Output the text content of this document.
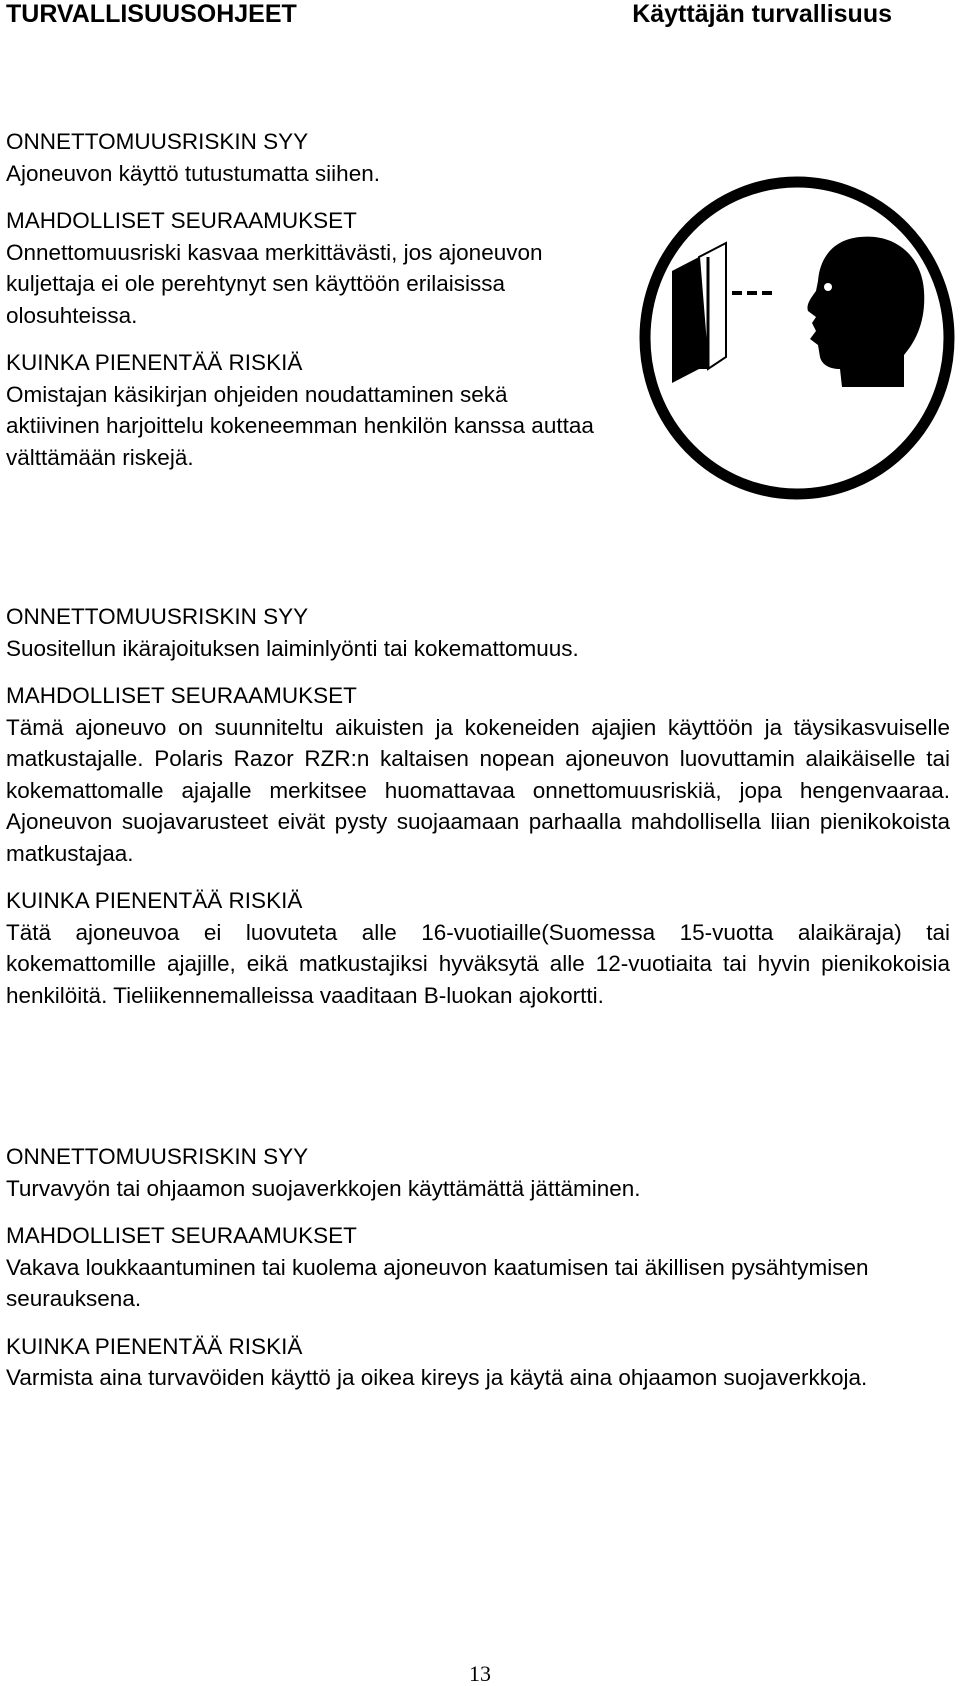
TURVALLISUUSOHJEET	Käyttäjän turvallisuus

ONNETTOMUUSRISKIN SYY

Ajoneuvon käyttö tutustumatta siihen.

MAHDOLLISET SEURAAMUKSET

Onnettomuusriski kasvaa merkittävästi, jos ajoneuvon kuljettaja ei ole perehtynyt sen käyttöön erilaisissa olosuhteissa.

KUINKA PIENENTÄÄ RISKIÄ

Omistajan käsikirjan ohjeiden noudattaminen sekä aktiivinen harjoittelu kokeneemman henkilön kanssa auttaa välttämään riskejä.

ONNETTOMUUSRISKIN SYY

Suositellun ikärajoituksen laiminlyönti tai kokemattomuus.

MAHDOLLISET SEURAAMUKSET

Tämä ajoneuvo on suunniteltu aikuisten ja kokeneiden ajajien käyttöön ja täysikasvuiselle matkustajalle. Polaris Razor RZR:n kaltaisen nopean ajoneuvon luovuttamin alaikäiselle tai kokemattomalle ajajalle merkitsee huomattavaa onnettomuusriskiä, jopa hengenvaaraa. Ajoneuvon suojavarusteet eivät pysty suojaamaan parhaalla mahdollisella liian pienikokoista matkustajaa.

KUINKA PIENENTÄÄ RISKIÄ

Tätä ajoneuvoa ei luovuteta alle 16-vuotiaille(Suomessa 15-vuotta alaikäraja) tai kokemattomille ajajille, eikä matkustajiksi hyväksytä alle 12-vuotiaita tai hyvin pienikokoisia henkilöitä. Tieliikennemalleissa vaaditaan B-luokan ajokortti.

ONNETTOMUUSRISKIN SYY

Turvavyön tai ohjaamon suojaverkkojen käyttämättä jättäminen.

MAHDOLLISET SEURAAMUKSET

Vakava loukkaantuminen tai kuolema ajoneuvon kaatumisen tai äkillisen pysähtymisen seurauksena.

KUINKA PIENENTÄÄ RISKIÄ

Varmista aina turvavöiden käyttö ja oikea kireys ja käytä aina ohjaamon suojaverkkoja.

13
